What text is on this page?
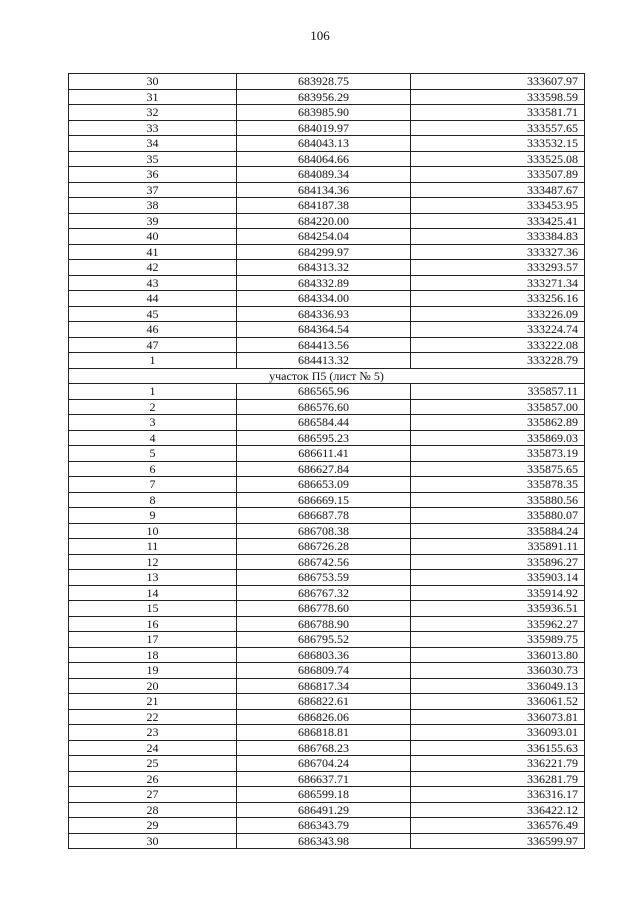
106
30	683928.75	333607.97
31	683956.29	333598.59
32	683985.90	333581.71
33	684019.97	333557.65
34	684043.13	333532.15
35	684064.66	333525.08
36	684089.34	333507.89
37	684134.36	333487.67
38	684187.38	333453.95
39	684220.00	333425.41
40	684254.04	333384.83
41	684299.97	333327.36
42	684313.32	333293.57
43	684332.89	333271.34
44	684334.00	333256.16
45	684336.93	333226.09
46	684364.54	333224.74
47	684413.56	333222.08
1	684413.32	333228.79
участок П5 (лист № 5)		
1	686565.96	335857.11
2	686576.60	335857.00
3	686584.44	335862.89
4	686595.23	335869.03
5	686611.41	335873.19
6	686627.84	335875.65
7	686653.09	335878.35
8	686669.15	335880.56
9	686687.78	335880.07
10	686708.38	335884.24
11	686726.28	335891.11
12	686742.56	335896.27
13	686753.59	335903.14
14	686767.32	335914.92
15	686778.60	335936.51
16	686788.90	335962.27
17	686795.52	335989.75
18	686803.36	336013.80
19	686809.74	336030.73
20	686817.34	336049.13
21	686822.61	336061.52
22	686826.06	336073.81
23	686818.81	336093.01
24	686768.23	336155.63
25	686704.24	336221.79
26	686637.71	336281.79
27	686599.18	336316.17
28	686491.29	336422.12
29	686343.79	336576.49
30	686343.98	336599.97
